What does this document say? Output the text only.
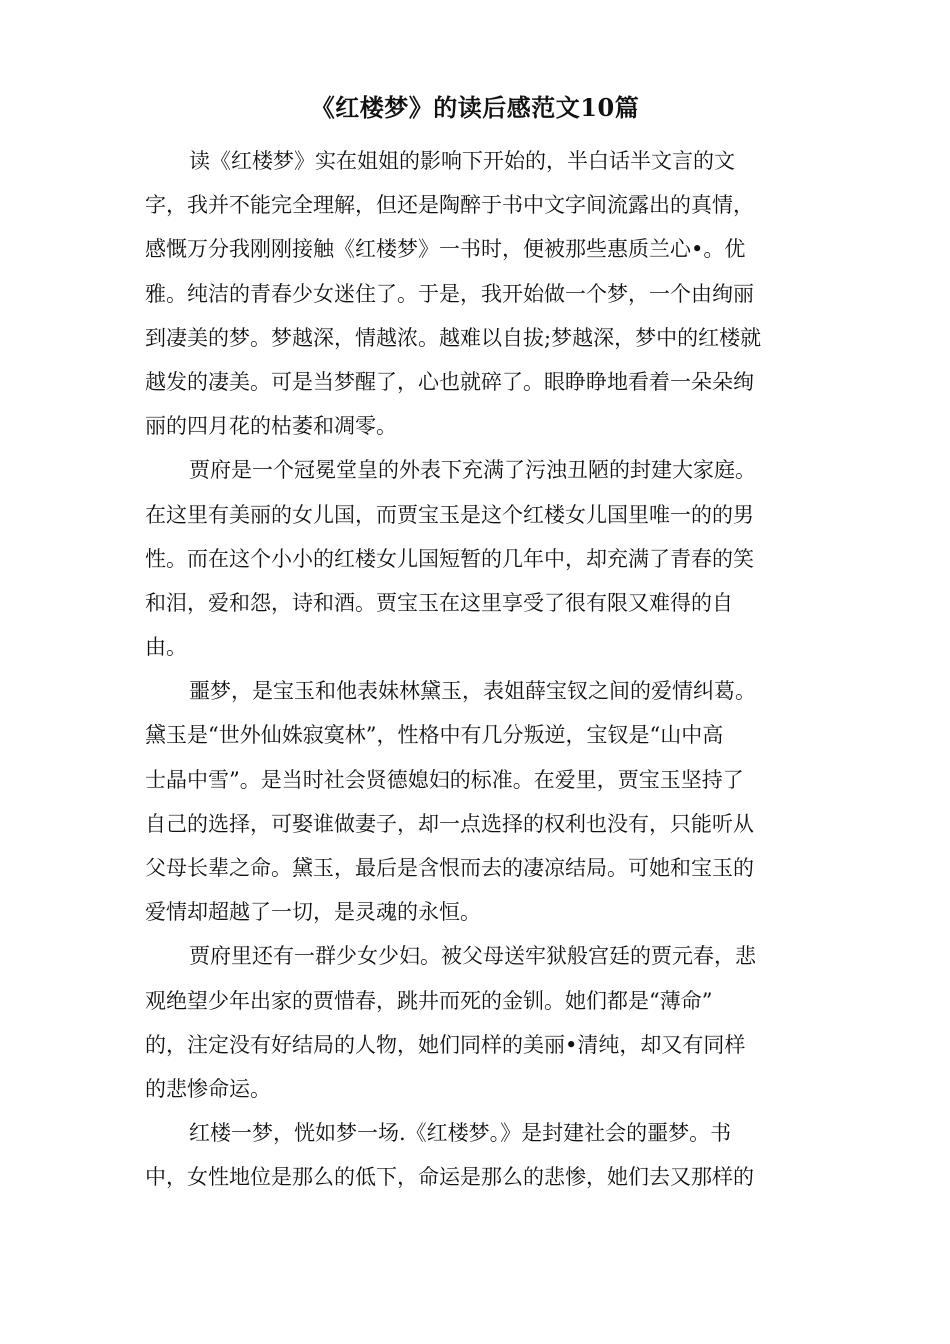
《红楼梦》的读后感范文10篇
读《红楼梦》实在姐姐的影响下开始的，半白话半文言的文
字，我并不能完全理解，但还是陶醉于书中文字间流露出的真情，
感慨万分我刚刚接触《红楼梦》一书时，便被那些惠质兰心•。优
雅。纯洁的青春少女迷住了。于是，我开始做一个梦，一个由绚丽
到凄美的梦。梦越深，情越浓。越难以自拔;梦越深，梦中的红楼就
越发的凄美。可是当梦醒了，心也就碎了。眼睁睁地看着一朵朵绚
丽的四月花的枯萎和凋零。
贾府是一个冠冕堂皇的外表下充满了污浊丑陋的封建大家庭。
在这里有美丽的女儿国，而贾宝玉是这个红楼女儿国里唯一的的男
性。而在这个小小的红楼女儿国短暂的几年中，却充满了青春的笑
和泪，爱和怨，诗和酒。贾宝玉在这里享受了很有限又难得的自
由。
噩梦，是宝玉和他表妹林黛玉，表姐薛宝钗之间的爱情纠葛。
黛玉是“世外仙姝寂寞林”，性格中有几分叛逆，宝钗是“山中高
士晶中雪”。是当时社会贤德媳妇的标准。在爱里，贾宝玉坚持了
自己的选择，可娶谁做妻子，却一点选择的权利也没有，只能听从
父母长辈之命。黛玉，最后是含恨而去的凄凉结局。可她和宝玉的
爱情却超越了一切，是灵魂的永恒。
贾府里还有一群少女少妇。被父母送牢狱般宫廷的贾元春，悲
观绝望少年出家的贾惜春，跳井而死的金钏。她们都是“薄命”
的，注定没有好结局的人物，她们同样的美丽•清纯，却又有同样
的悲惨命运。
红楼一梦，恍如梦一场.《红楼梦。》是封建社会的噩梦。书
中，女性地位是那么的低下，命运是那么的悲惨，她们去又那样的
